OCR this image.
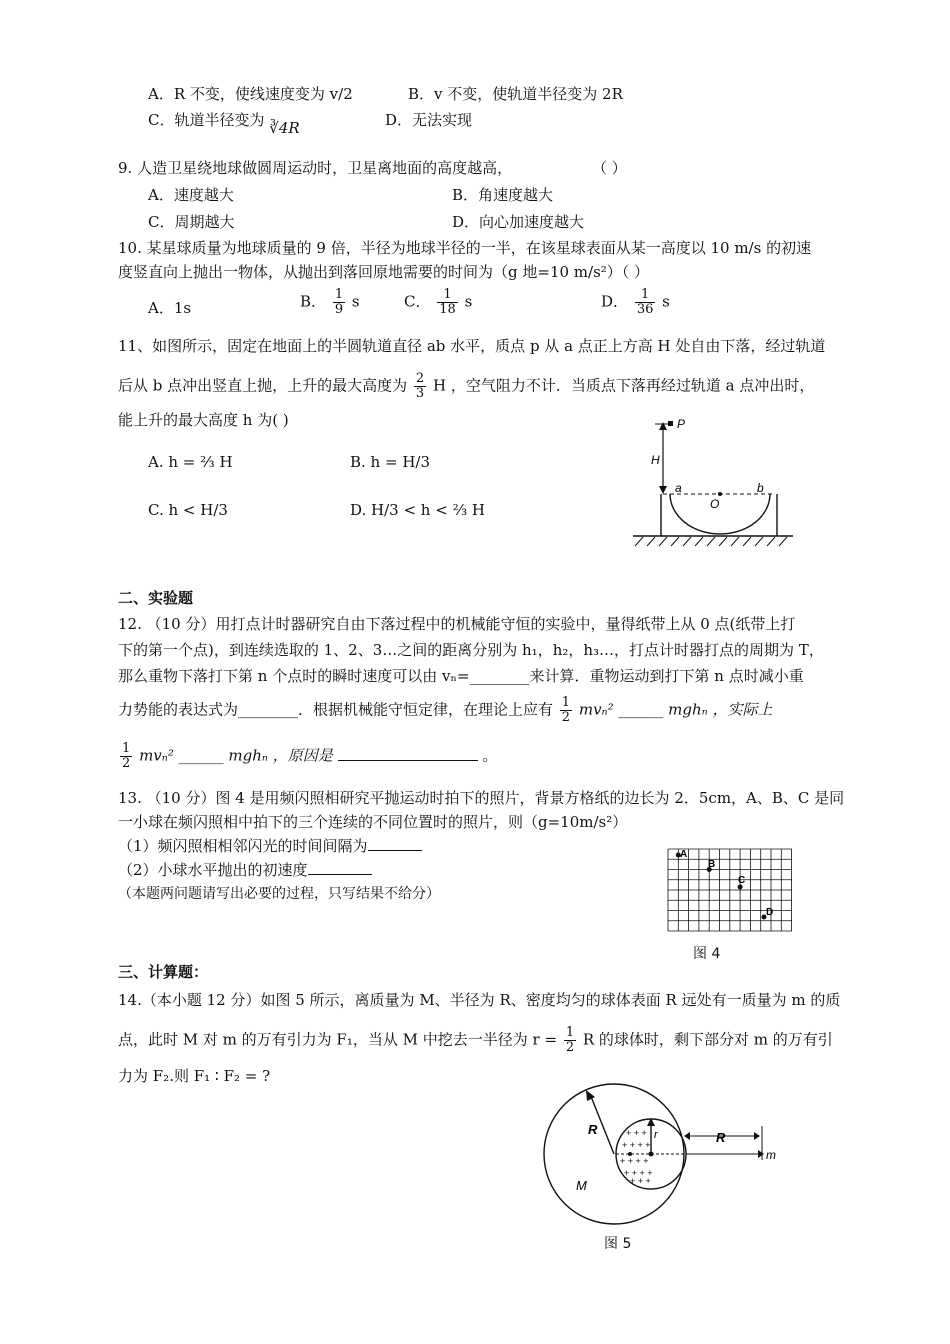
A．R 不变，使线速度变为 v/2	B．v 不变，使轨道半径变为 2R
C．轨道半径变为 ∛4R	D．无法实现
9. 人造卫星绕地球做圆周运动时，卫星离地面的高度越高，	（ ）
A．速度越大	B．角速度越大
C．周期越大	D．向心加速度越大
10. 某星球质量为地球质量的 9 倍，半径为地球半径的一半，在该星球表面从某一高度以 10 m/s 的初速
度竖直向上抛出一物体，从抛出到落回原地需要的时间为（g 地=10 m/s²）（ ）
A．1s	B． $\frac{1}{9}$ s	C． $\frac{1}{18}$ s	D． $\frac{1}{36}$ s
11、如图所示，固定在地面上的半圆轨道直径 ab 水平，质点 p 从 a 点正上方高 H 处自由下落，经过轨道
后从 b 点冲出竖直上抛，上升的最大高度为 $\frac{2}{3}$ H ，空气阻力不计．当质点下落再经过轨道 a 点冲出时，
能上升的最大高度 h 为( )
A. h = ⅔ H	B. h = H/3
C. h < H/3	D. H/3 < h < ⅔ H
P
H
a	b
O
二、实验题
12. （10 分）用打点计时器研究自由下落过程中的机械能守恒的实验中，量得纸带上从 0 点(纸带上打
下的第一个点)，到连续选取的 1、2、3…之间的距离分别为 h₁，h₂，h₃…，打点计时器打点的周期为 T，
那么重物下落打下第 n 个点时的瞬时速度可以由 vₙ=________来计算．重物运动到打下第 n 点时减小重
力势能的表达式为________．根据机械能守恒定律，在理论上应有 $\frac{1}{2} mv_n^2$ ______ mghₙ ，实际上
$\frac{1}{2} mv_n^2$ ______ mghₙ ，原因是	。
13. （10 分）图 4 是用频闪照相研究平抛运动时拍下的照片，背景方格纸的边长为 2．5cm，A、B、C 是同
一小球在频闪照相中拍下的三个连续的不同位置时的照片，则（g=10m/s²）
（1）频闪照相相邻闪光的时间间隔为
（2）小球水平抛出的初速度
（本题两问题请写出必要的过程，只写结果不给分）
A
B
C
D
图 4
三、计算题：
14.（本小题 12 分）如图 5 所示，离质量为 M、半径为 R、密度均匀的球体表面 R 远处有一质量为 m 的质
点，此时 M 对 m 的万有引力为 F₁，当从 M 中挖去一半径为 $r = \frac{1}{2}$ R 的球体时，剩下部分对 m 的万有引
力为 F₂.则 F₁ ∶ F₂ = ?
+ + +
+ + + +
+ + + +
+ + + +
+ + +
R	r	R
m
M
图 5
